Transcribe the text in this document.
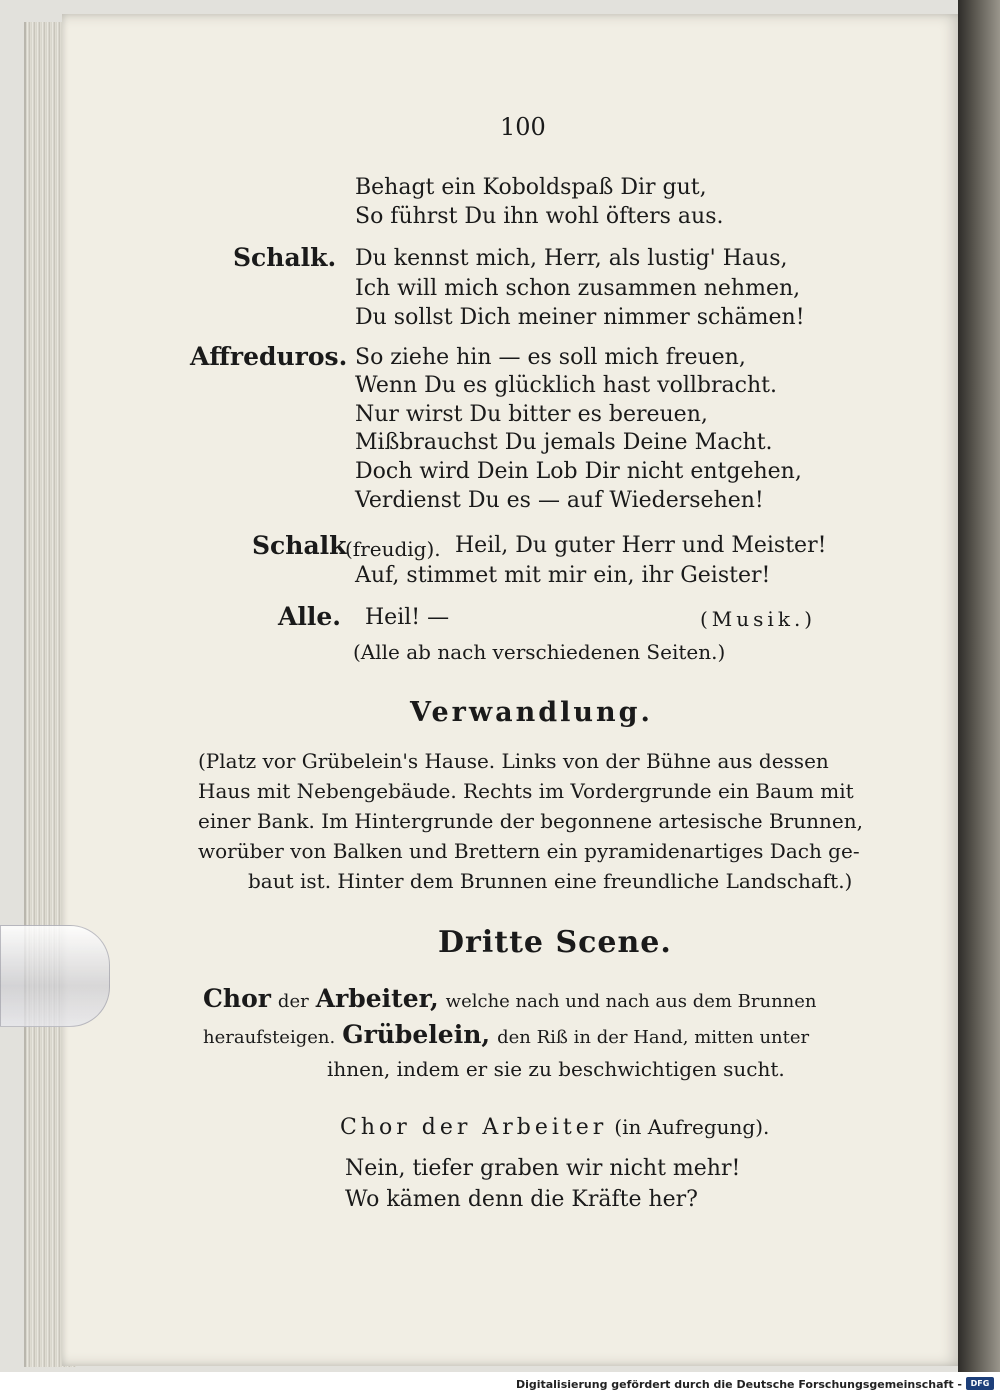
100
Behagt ein Koboldspaß Dir gut,
So führst Du ihn wohl öfters aus.
Schalk. Du kennst mich, Herr, als lustig' Haus,
Ich will mich schon zusammen nehmen,
Du sollst Dich meiner nimmer schämen!
Affreduros. So ziehe hin — es soll mich freuen,
Wenn Du es glücklich hast vollbracht.
Nur wirst Du bitter es bereuen,
Mißbrauchst Du jemals Deine Macht.
Doch wird Dein Lob Dir nicht entgehen,
Verdienst Du es — auf Wiedersehen!
Schalk
(freudig). Heil, Du guter Herr und Meister!
Auf, stimmet mit mir ein, ihr Geister!
Alle. Heil! —	(Musik.)
(Alle ab nach verschiedenen Seiten.)
Verwandlung.
(Platz vor Grübelein's Hause. Links von der Bühne aus dessen
Haus mit Nebengebäude. Rechts im Vordergrunde ein Baum mit
einer Bank. Im Hintergrunde der begonnene artesische Brunnen,
worüber von Balken und Brettern ein pyramidenartiges Dach ge-
baut ist. Hinter dem Brunnen eine freundliche Landschaft.)
Dritte Scene.
Chor der Arbeiter, welche nach und nach aus dem Brunnen
heraufsteigen. Grübelein, den Riß in der Hand, mitten unter
ihnen, indem er sie zu beschwichtigen sucht.
Chor der Arbeiter (in Aufregung).
Nein, tiefer graben wir nicht mehr!
Wo kämen denn die Kräfte her?
Digitalisierung gefördert durch die Deutsche Forschungsgemeinschaft -	DFG
